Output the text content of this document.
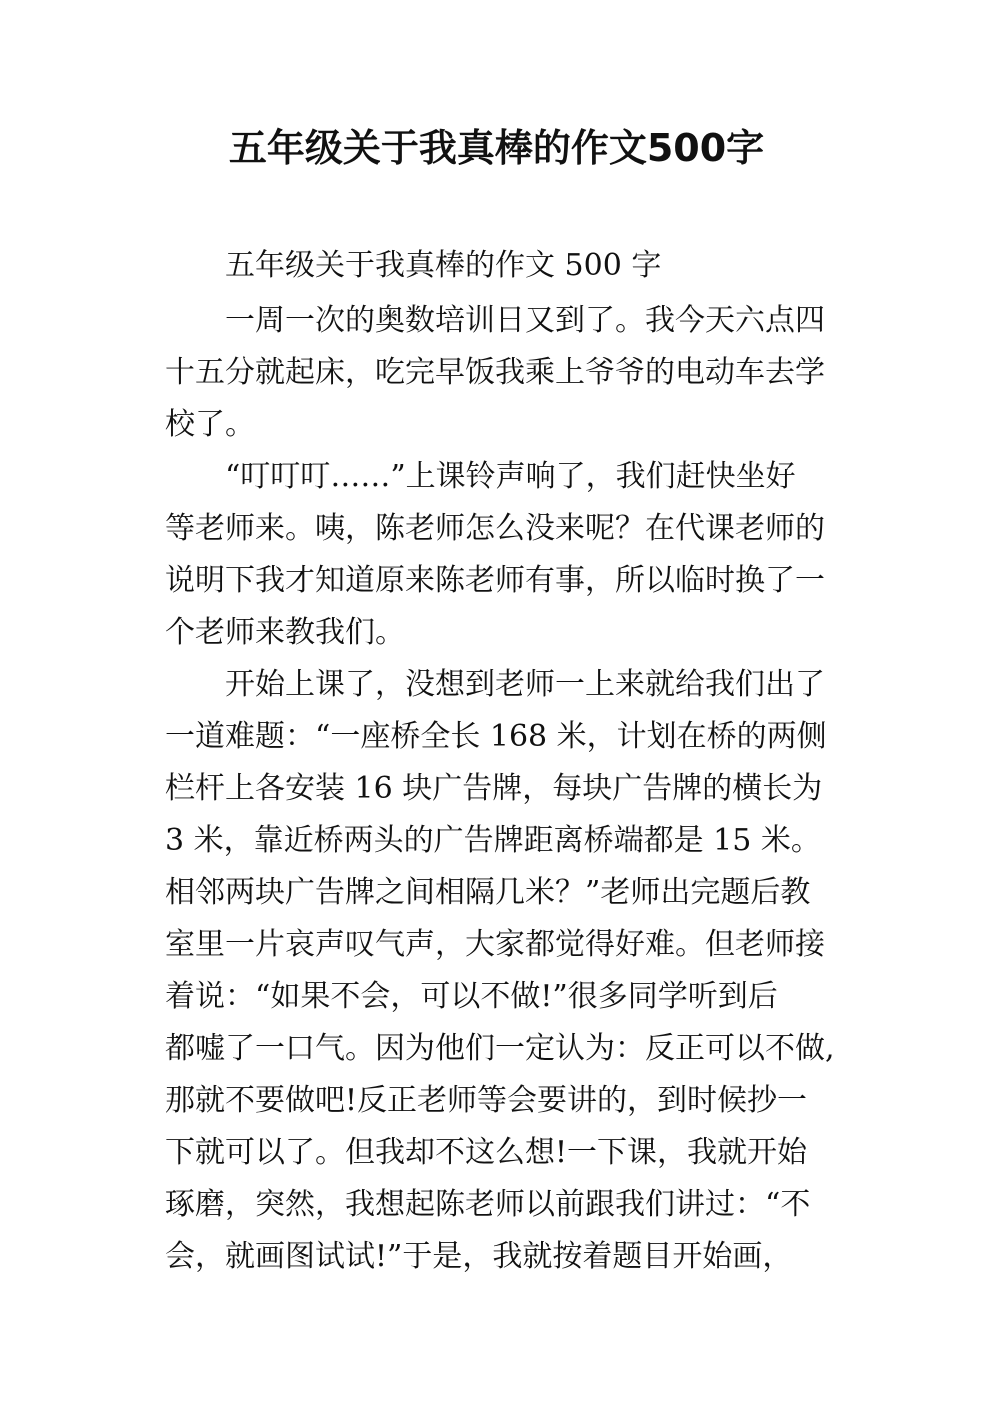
五年级关于我真棒的作文500字

五年级关于我真棒的作文 500 字

一周一次的奥数培训日又到了。我今天六点四

十五分就起床，吃完早饭我乘上爷爷的电动车去学

校了。

“叮叮叮……”上课铃声响了，我们赶快坐好

等老师来。咦，陈老师怎么没来呢？在代课老师的

说明下我才知道原来陈老师有事，所以临时换了一

个老师来教我们。

开始上课了，没想到老师一上来就给我们出了

一道难题：“一座桥全长 168 米，计划在桥的两侧

栏杆上各安装 16 块广告牌，每块广告牌的横长为

3 米，靠近桥两头的广告牌距离桥端都是 15 米。

相邻两块广告牌之间相隔几米？”老师出完题后教

室里一片哀声叹气声，大家都觉得好难。但老师接

着说：“如果不会，可以不做!”很多同学听到后

都嘘了一口气。因为他们一定认为：反正可以不做,

那就不要做吧!反正老师等会要讲的，到时候抄一

下就可以了。但我却不这么想!一下课，我就开始

琢磨，突然，我想起陈老师以前跟我们讲过：“不

会，就画图试试!”于是，我就按着题目开始画，
